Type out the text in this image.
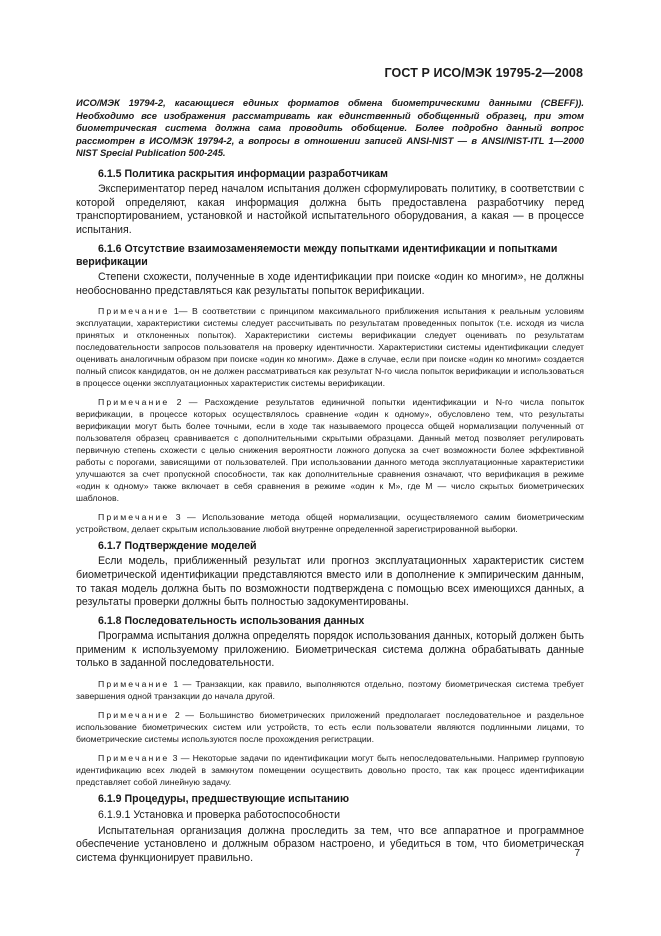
ГОСТ Р ИСО/МЭК 19795-2—2008

ИСО/МЭК 19794-2, касающиеся единых форматов обмена биометрическими данными (CBEFF)). Необходимо все изображения рассматривать как единственный обобщенный образец, при этом биометрическая система должна сама проводить обобщение. Более подробно данный вопрос рассмотрен в ИСО/МЭК 19794-2, а вопросы в отношении записей ANSI-NIST — в ANSI/NIST-ITL 1—2000 NIST Special Publication 500-245.

6.1.5 Политика раскрытия информации разработчикам

Экспериментатор перед началом испытания должен сформулировать политику, в соответствии с которой определяют, какая информация должна быть предоставлена разработчику перед транспортированием, установкой и настойкой испытательного оборудования, а какая — в процессе испытания.

6.1.6 Отсутствие взаимозаменяемости между попытками идентификации и попытками верификации

Степени схожести, полученные в ходе идентификации при поиске «один ко многим», не должны необоснованно представляться как результаты попыток верификации.

Примечание 1— В соответствии с принципом максимального приближения испытания к реальным условиям эксплуатации, характеристики системы следует рассчитывать по результатам проведенных попыток (т.е. исходя из числа принятых и отклоненных попыток). Характеристики системы верификации следует оценивать по результатам последовательности запросов пользователя на проверку идентичности. Характеристики системы идентификации следует оценивать аналогичным образом при поиске «один ко многим». Даже в случае, если при поиске «один ко многим» создается полный список кандидатов, он не должен рассматриваться как результат N-го числа попыток верификации и использоваться в процессе оценки эксплуатационных характеристик системы верификации.

Примечание 2 — Расхождение результатов единичной попытки идентификации и N-го числа попыток верификации, в процессе которых осуществлялось сравнение «один к одному», обусловлено тем, что результаты верификации могут быть более точными, если в ходе так называемого процесса общей нормализации полученный от пользователя образец сравнивается с дополнительными скрытыми образцами. Данный метод позволяет регулировать первичную степень схожести с целью снижения вероятности ложного допуска за счет возможности более эффективной работы с порогами, зависящими от пользователей. При использовании данного метода эксплуатационные характеристики улучшаются за счет пропускной способности, так как дополнительные сравнения означают, что верификация в режиме «один к одному» также включает в себя сравнения в режиме «один к М», где М — число скрытых биометрических шаблонов.

Примечание 3 — Использование метода общей нормализации, осуществляемого самим биометрическим устройством, делает скрытым использование любой внутренне определенной зарегистрированной выборки.

6.1.7 Подтверждение моделей

Если модель, приближенный результат или прогноз эксплуатационных характеристик систем биометрической идентификации представляются вместо или в дополнение к эмпирическим данным, то такая модель должна быть по возможности подтверждена с помощью всех имеющихся данных, а результаты проверки должны быть полностью задокументированы.

6.1.8 Последовательность использования данных

Программа испытания должна определять порядок использования данных, который должен быть применим к используемому приложению. Биометрическая система должна обрабатывать данные только в заданной последовательности.

Примечание 1 — Транзакции, как правило, выполняются отдельно, поэтому биометрическая система требует завершения одной транзакции до начала другой.

Примечание 2 — Большинство биометрических приложений предполагает последовательное и раздельное использование биометрических систем или устройств, то есть если пользователи являются подлинными лицами, то биометрические системы используются после прохождения регистрации.

Примечание 3 — Некоторые задачи по идентификации могут быть непоследовательными. Например групповую идентификацию всех людей в замкнутом помещении осуществить довольно просто, так как процесс идентификации представляет собой линейную задачу.

6.1.9 Процедуры, предшествующие испытанию
6.1.9.1 Установка и проверка работоспособности

Испытательная организация должна проследить за тем, что все аппаратное и программное обеспечение установлено и должным образом настроено, и убедиться в том, что биометрическая система функционирует правильно.	7
